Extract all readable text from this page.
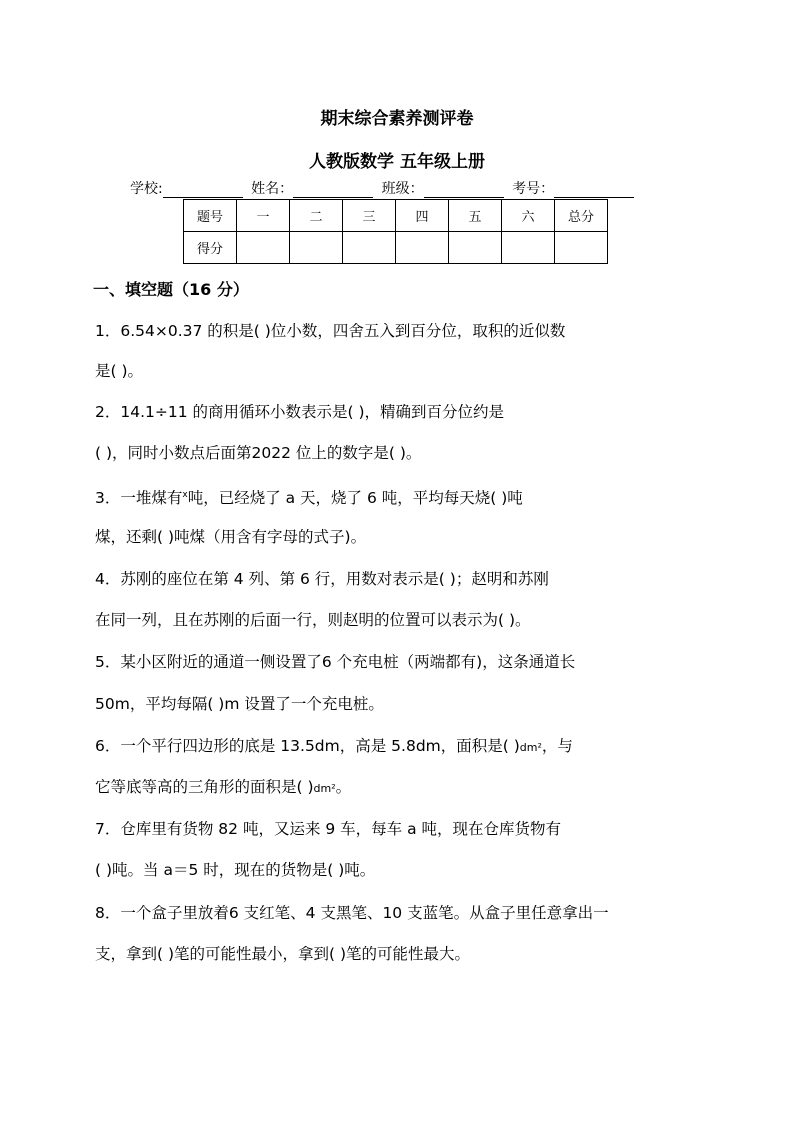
期末综合素养测评卷
人教版数学 五年级上册
学校:	姓名：	班级：	考号：
题号	一	二	三	四	五	六	总分
得分							
一、填空题（16 分）
1．6.54×0.37 的积是( )位小数，四舍五入到百分位，取积的近似数
是( )。
2．14.1÷11 的商用循环小数表示是( )，精确到百分位约是
( )，同时小数点后面第2022 位上的数字是( )。
3．一堆煤有$^x$吨，已经烧了 a 天，烧了 6 吨，平均每天烧( )吨
煤，还剩( )吨煤（用含有字母的式子)。
4．苏刚的座位在第 4 列、第 6 行，用数对表示是( )；赵明和苏刚
在同一列，且在苏刚的后面一行，则赵明的位置可以表示为( )。
5．某小区附近的通道一侧设置了6 个充电桩（两端都有)，这条通道长
50m，平均每隔( )m 设置了一个充电桩。
6．一个平行四边形的底是 13.5dm，高是 5.8dm，面积是( )dm²，与
它等底等高的三角形的面积是( )dm²。
7．仓库里有货物 82 吨，又运来 9 车，每车 a 吨，现在仓库货物有
( )吨。当 a＝5 时，现在的货物是( )吨。
8．一个盒子里放着6 支红笔、4 支黑笔、10 支蓝笔。从盒子里任意拿出一
支，拿到( )笔的可能性最小，拿到( )笔的可能性最大。
